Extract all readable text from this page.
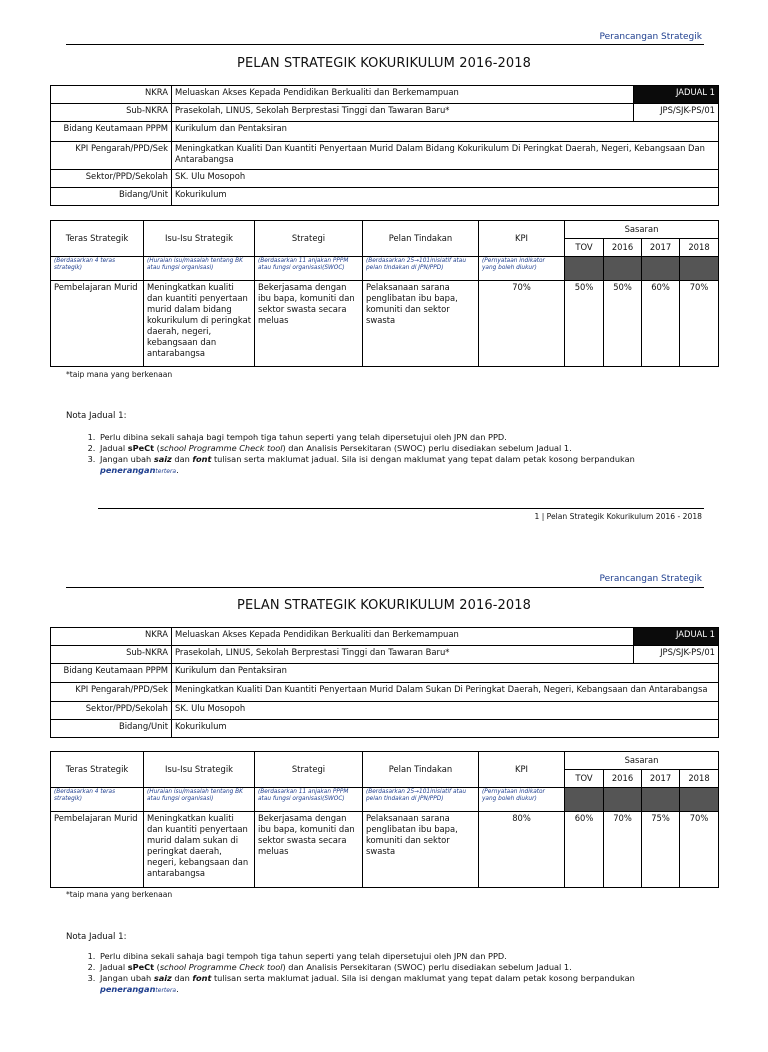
Perancangan Strategik
PELAN STRATEGIK KOKURIKULUM 2016-2018
NKRA	Meluaskan Akses Kepada Pendidikan Berkualiti dan Berkemampuan	JADUAL 1
Sub-NKRA	Prasekolah, LINUS, Sekolah Berprestasi Tinggi dan Tawaran Baru*	JPS/SJK-PS/01
Bidang Keutamaan PPPM	Kurikulum dan Pentaksiran	
KPI Pengarah/PPD/Sek	Meningkatkan Kualiti Dan Kuantiti Penyertaan Murid Dalam Bidang Kokurikulum Di Peringkat Daerah, Negeri, Kebangsaan Dan Antarabangsa	
Sektor/PPD/Sekolah	SK. Ulu Mosopoh	
Bidang/Unit	Kokurikulum	
Teras Strategik	Isu-Isu Strategik	Strategi	Pelan Tindakan	KPI	Sasaran			
					TOV	2016	2017	2018
(Berdasarkan 4 teras strategik)	(Huraian isu/masalah tentang BK atau fungsi organisasi)	(Berdasarkan 11 anjakan PPPM atau fungsi organisasi(SWOC)	(Berdasarkan 25→101inisiatif atau pelan tindakan di JPN/PPD)	(Pernyataan indikator yang boleh diukur)				
Pembelajaran Murid	Meningkatkan kualiti dan kuantiti penyertaan murid dalam bidang kokurikulum di peringkat daerah, negeri, kebangsaan dan antarabangsa	Bekerjasama dengan ibu bapa, komuniti dan sektor swasta secara meluas	Pelaksanaan sarana penglibatan ibu bapa, komuniti dan sektor swasta	70%	50%	50%	60%	70%
*taip mana yang berkenaan
Nota Jadual 1:
1. Perlu dibina sekali sahaja bagi tempoh tiga tahun seperti yang telah dipersetujui oleh JPN dan PPD.
2. Jadual sPeCt (school Programme Check tool) dan Analisis Persekitaran (SWOC) perlu disediakan sebelum Jadual 1.
3. Jangan ubah saiz dan font tulisan serta maklumat jadual. Sila isi dengan maklumat yang tepat dalam petak kosong berpandukan
penerangantertera.
1 | Pelan Strategik Kokurikulum 2016 - 2018
Perancangan Strategik
PELAN STRATEGIK KOKURIKULUM 2016-2018
NKRA	Meluaskan Akses Kepada Pendidikan Berkualiti dan Berkemampuan	JADUAL 1
Sub-NKRA	Prasekolah, LINUS, Sekolah Berprestasi Tinggi dan Tawaran Baru*	JPS/SJK-PS/01
Bidang Keutamaan PPPM	Kurikulum dan Pentaksiran	
KPI Pengarah/PPD/Sek	Meningkatkan Kualiti Dan Kuantiti Penyertaan Murid Dalam Sukan Di Peringkat Daerah, Negeri, Kebangsaan dan Antarabangsa	
Sektor/PPD/Sekolah	SK. Ulu Mosopoh	
Bidang/Unit	Kokurikulum	
Teras Strategik	Isu-Isu Strategik	Strategi	Pelan Tindakan	KPI	Sasaran			
					TOV	2016	2017	2018
(Berdasarkan 4 teras strategik)	(Huraian isu/masalah tentang BK atau fungsi organisasi)	(Berdasarkan 11 anjakan PPPM atau fungsi organisasi(SWOC)	(Berdasarkan 25→101inisiatif atau pelan tindakan di JPN/PPD)	(Pernyataan indikator yang boleh diukur)				
Pembelajaran Murid	Meningkatkan kualiti dan kuantiti penyertaan murid dalam sukan di peringkat daerah, negeri, kebangsaan dan antarabangsa	Bekerjasama dengan ibu bapa, komuniti dan sektor swasta secara meluas	Pelaksanaan sarana penglibatan ibu bapa, komuniti dan sektor swasta	80%	60%	70%	75%	70%
*taip mana yang berkenaan
Nota Jadual 1:
1. Perlu dibina sekali sahaja bagi tempoh tiga tahun seperti yang telah dipersetujui oleh JPN dan PPD.
2. Jadual sPeCt (school Programme Check tool) dan Analisis Persekitaran (SWOC) perlu disediakan sebelum Jadual 1.
3. Jangan ubah saiz dan font tulisan serta maklumat jadual. Sila isi dengan maklumat yang tepat dalam petak kosong berpandukan
penerangantertera.
